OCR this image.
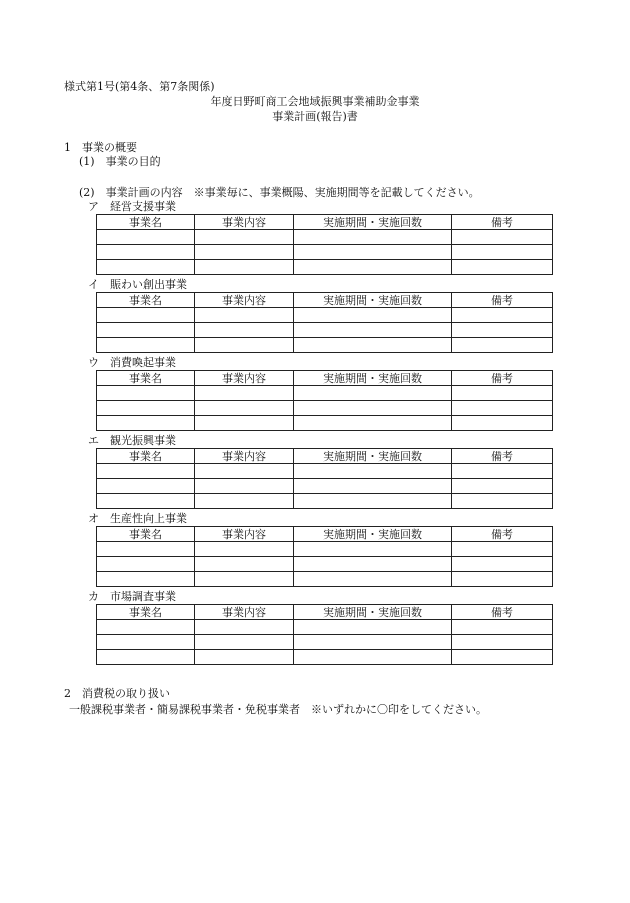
様式第1号(第4条、第7条関係)
年度日野町商工会地域振興事業補助金事業
事業計画(報告)書
1　事業の概要
(1)　事業の目的
(2)　事業計画の内容　※事業毎に、事業概陽、実施期間等を記載してください。
ア　経営支援事業
事業名	事業内容	実施期間・実施回数	備考

イ　賑わい創出事業
事業名	事業内容	実施期間・実施回数	備考

ウ　消費喚起事業
事業名	事業内容	実施期間・実施回数	備考

エ　観光振興事業
事業名	事業内容	実施期間・実施回数	備考

オ　生産性向上事業
事業名	事業内容	実施期間・実施回数	備考

カ　市場調査事業
事業名	事業内容	実施期間・実施回数	備考

2　消費税の取り扱い
一般課税事業者・簡易課税事業者・免税事業者　※いずれかに〇印をしてください。
